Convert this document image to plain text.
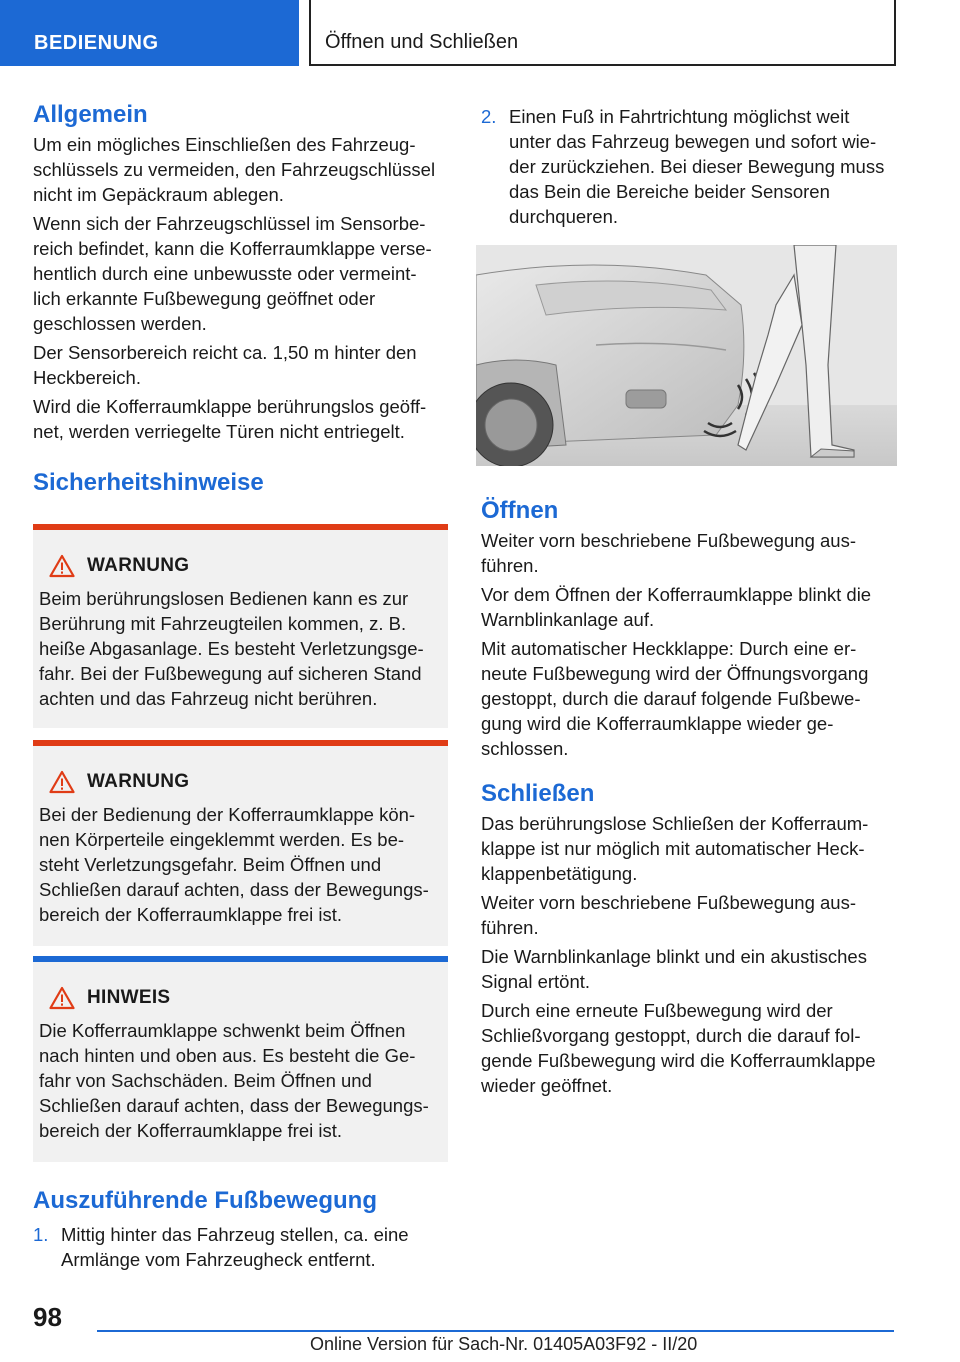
BEDIENUNG	Öffnen und Schließen
Allgemein

Um ein mögliches Einschließen des Fahrzeug-
schlüssels zu vermeiden, den Fahrzeugschlüssel
nicht im Gepäckraum ablegen.

Wenn sich der Fahrzeugschlüssel im Sensorbe-
reich befindet, kann die Kofferraumklappe verse-
hentlich durch eine unbewusste oder vermeint-
lich erkannte Fußbewegung geöffnet oder
geschlossen werden.

Der Sensorbereich reicht ca. 1,50 m hinter den
Heckbereich.

Wird die Kofferraumklappe berührungslos geöff-
net, werden verriegelte Türen nicht entriegelt.

Sicherheitshinweise
WARNUNG

Beim berührungslosen Bedienen kann es zur
Berührung mit Fahrzeugteilen kommen, z. B.
heiße Abgasanlage. Es besteht Verletzungsge-
fahr. Bei der Fußbewegung auf sicheren Stand
achten und das Fahrzeug nicht berühren.

WARNUNG

Bei der Bedienung der Kofferraumklappe kön-
nen Körperteile eingeklemmt werden. Es be-
steht Verletzungsgefahr. Beim Öffnen und
Schließen darauf achten, dass der Bewegungs-
bereich der Kofferraumklappe frei ist.

HINWEIS

Die Kofferraumklappe schwenkt beim Öffnen
nach hinten und oben aus. Es besteht die Ge-
fahr von Sachschäden. Beim Öffnen und
Schließen darauf achten, dass der Bewegungs-
bereich der Kofferraumklappe frei ist.

Auszuführende Fußbewegung
1. Mittig hinter das Fahrzeug stellen, ca. eine
Armlänge vom Fahrzeugheck entfernt.
2. Einen Fuß in Fahrtrichtung möglichst weit
unter das Fahrzeug bewegen und sofort wie-
der zurückziehen. Bei dieser Bewegung muss
das Bein die Bereiche beider Sensoren
durchqueren.
Öffnen

Weiter vorn beschriebene Fußbewegung aus-
führen.

Vor dem Öffnen der Kofferraumklappe blinkt die
Warnblinkanlage auf.

Mit automatischer Heckklappe: Durch eine er-
neute Fußbewegung wird der Öffnungsvorgang
gestoppt, durch die darauf folgende Fußbewe-
gung wird die Kofferraumklappe wieder ge-
schlossen.

Schließen

Das berührungslose Schließen der Kofferraum-
klappe ist nur möglich mit automatischer Heck-
klappenbetätigung.

Weiter vorn beschriebene Fußbewegung aus-
führen.

Die Warnblinkanlage blinkt und ein akustisches
Signal ertönt.

Durch eine erneute Fußbewegung wird der
Schließvorgang gestoppt, durch die darauf fol-
gende Fußbewegung wird die Kofferraumklappe
wieder geöffnet.

98
Online Version für Sach-Nr. 01405A03F92 - II/20
